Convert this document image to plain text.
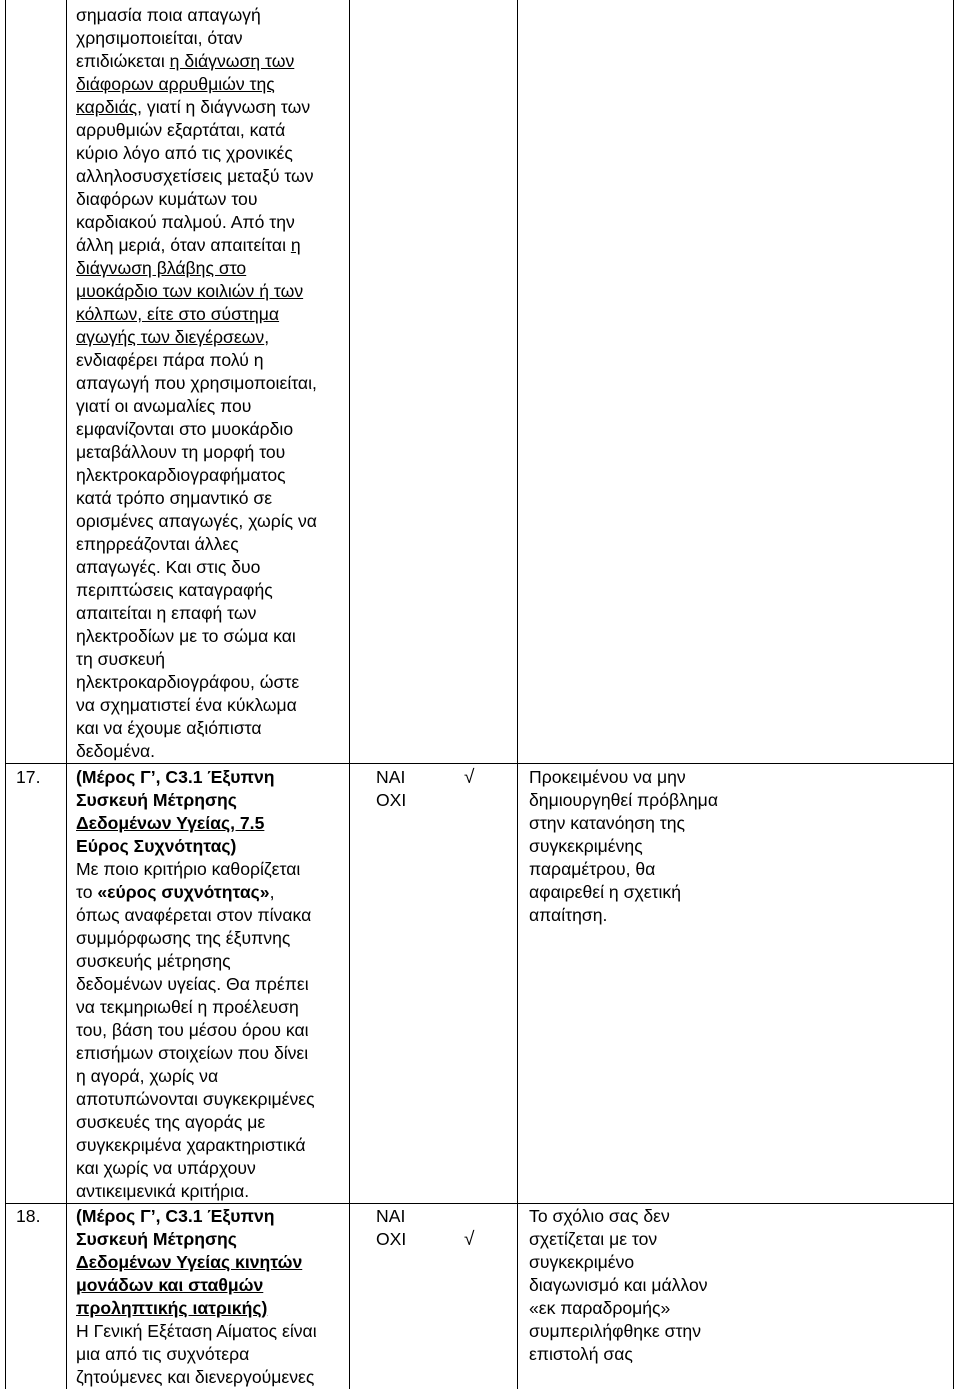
σημασία ποια απαγωγή
χρησιμοποιείται, όταν
επιδιώκεται η διάγνωση των
διάφορων αρρυθμιών της
καρδιάς, γιατί η διάγνωση των
αρρυθμιών εξαρτάται, κατά
κύριο λόγο από τις χρονικές
αλληλοσυσχετίσεις μεταξύ των
διαφόρων κυμάτων του
καρδιακού παλμού. Από την
άλλη μεριά, όταν απαιτείται η
διάγνωση βλάβης στο
μυοκάρδιο των κοιλιών ή των
κόλπων, είτε στο σύστημα
αγωγής των διεγέρσεων,
ενδιαφέρει πάρα πολύ η
απαγωγή που χρησιμοποιείται,
γιατί οι ανωμαλίες που
εμφανίζονται στο μυοκάρδιο
μεταβάλλουν τη μορφή του
ηλεκτροκαρδιογραφήματος
κατά τρόπο σημαντικό σε
ορισμένες απαγωγές, χωρίς να
επηρρεάζονται άλλες
απαγωγές. Και στις δυο
περιπτώσεις καταγραφής
απαιτείται η επαφή των
ηλεκτροδίων με το σώμα και
τη συσκευή
ηλεκτροκαρδιογράφου, ώστε
να σχηματιστεί ένα κύκλωμα
και να έχουμε αξιόπιστα
δεδομένα.
17. (Μέρος Γ’, C3.1 Έξυπνη
Συσκευή Μέτρησης
Δεδομένων Υγείας, 7.5
Εύρος Συχνότητας)
Με ποιο κριτήριο καθορίζεται
το «εύρος συχνότητας»,
όπως αναφέρεται στον πίνακα
συμμόρφωσης της έξυπνης
συσκευής μέτρησης
δεδομένων υγείας. Θα πρέπει
να τεκμηριωθεί η προέλευση
του, βάση του μέσου όρου και
επισήμων στοιχείων που δίνει
η αγορά, χωρίς να
αποτυπώνονται συγκεκριμένες
συσκευές της αγοράς με
συγκεκριμένα χαρακτηριστικά
και χωρίς να υπάρχουν
αντικειμενικά κριτήρια.
ΝΑΙ
ΟΧΙ
√	Προκειμένου να μην
δημιουργηθεί πρόβλημα
στην κατανόηση της
συγκεκριμένης
παραμέτρου, θα
αφαιρεθεί η σχετική
απαίτηση.
18. (Μέρος Γ’, C3.1 Έξυπνη
Συσκευή Μέτρησης
Δεδομένων Υγείας κινητών
μονάδων και σταθμών
προληπτικής ιατρικής)
Η Γενική Εξέταση Αίματος είναι
μια από τις συχνότερα
ζητούμενες και διενεργούμενες
ΝΑΙ
ΟΧΙ	√
Το σχόλιο σας δεν
σχετίζεται με τον
συγκεκριμένο
διαγωνισμό και μάλλον
«εκ παραδρομής»
συμπεριλήφθηκε στην
επιστολή σας
